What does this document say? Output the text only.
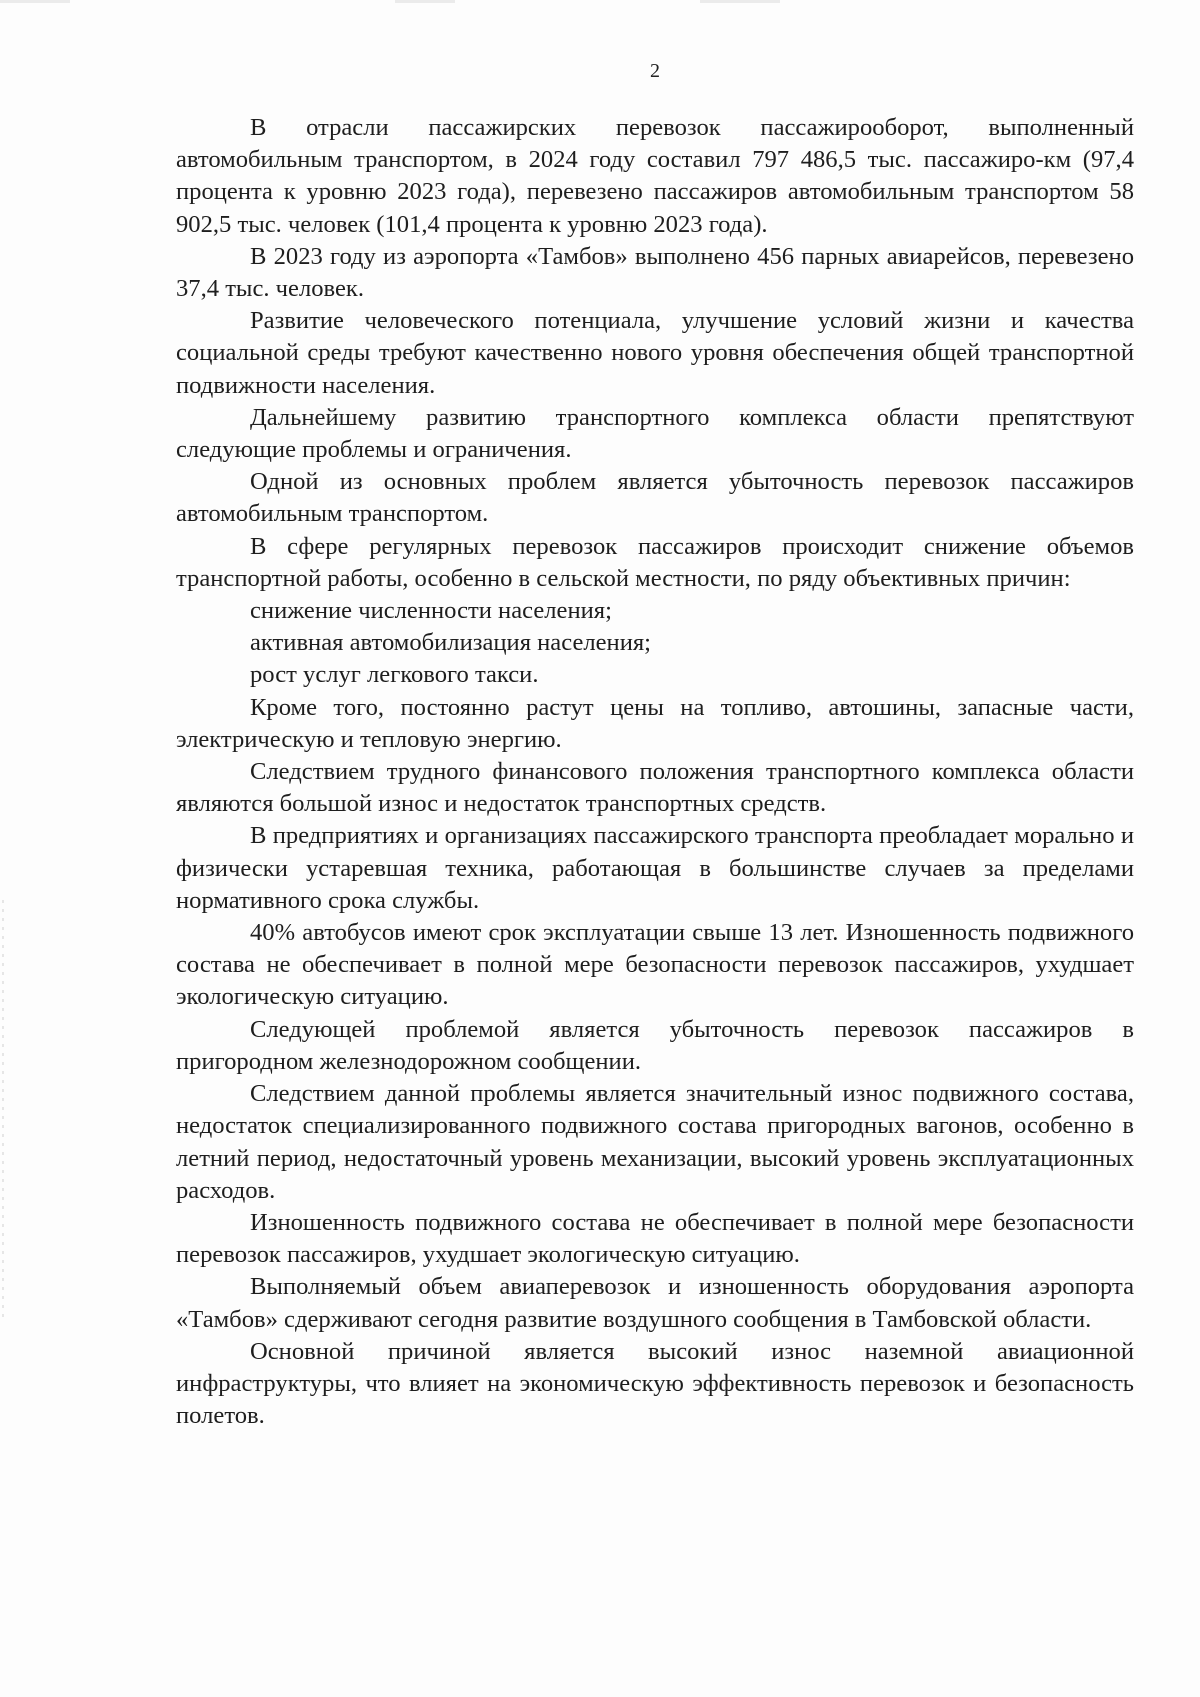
2

В отрасли пассажирских перевозок пассажирооборот, выполненный автомобильным транспортом, в 2024 году составил 797 486,5 тыс. пассажиро-км (97,4 процента к уровню 2023 года), перевезено пассажиров автомобильным транспортом 58 902,5 тыс. человек (101,4 процента к уровню 2023 года).

В 2023 году из аэропорта «Тамбов» выполнено 456 парных авиарейсов, перевезено 37,4 тыс. человек.

Развитие человеческого потенциала, улучшение условий жизни и качества социальной среды требуют качественно нового уровня обеспечения общей транспортной подвижности населения.

Дальнейшему развитию транспортного комплекса области препятствуют следующие проблемы и ограничения.

Одной из основных проблем является убыточность перевозок пассажиров автомобильным транспортом.

В сфере регулярных перевозок пассажиров происходит снижение объемов транспортной работы, особенно в сельской местности, по ряду объективных причин:

снижение численности населения;

активная автомобилизация населения;

рост услуг легкового такси.

Кроме того, постоянно растут цены на топливо, автошины, запасные части, электрическую и тепловую энергию.

Следствием трудного финансового положения транспортного комплекса области являются большой износ и недостаток транспортных средств.

В предприятиях и организациях пассажирского транспорта преобладает морально и физически устаревшая техника, работающая в большинстве случаев за пределами нормативного срока службы.

40% автобусов имеют срок эксплуатации свыше 13 лет. Изношенность подвижного состава не обеспечивает в полной мере безопасности перевозок пассажиров, ухудшает экологическую ситуацию.

Следующей проблемой является убыточность перевозок пассажиров в пригородном железнодорожном сообщении.

Следствием данной проблемы является значительный износ подвижного состава, недостаток специализированного подвижного состава пригородных вагонов, особенно в летний период, недостаточный уровень механизации, высокий уровень эксплуатационных расходов.

Изношенность подвижного состава не обеспечивает в полной мере безопасности перевозок пассажиров, ухудшает экологическую ситуацию.

Выполняемый объем авиаперевозок и изношенность оборудования аэропорта «Тамбов» сдерживают сегодня развитие воздушного сообщения в Тамбовской области.

Основной причиной является высокий износ наземной авиационной инфраструктуры, что влияет на экономическую эффективность перевозок и безопасность полетов.
